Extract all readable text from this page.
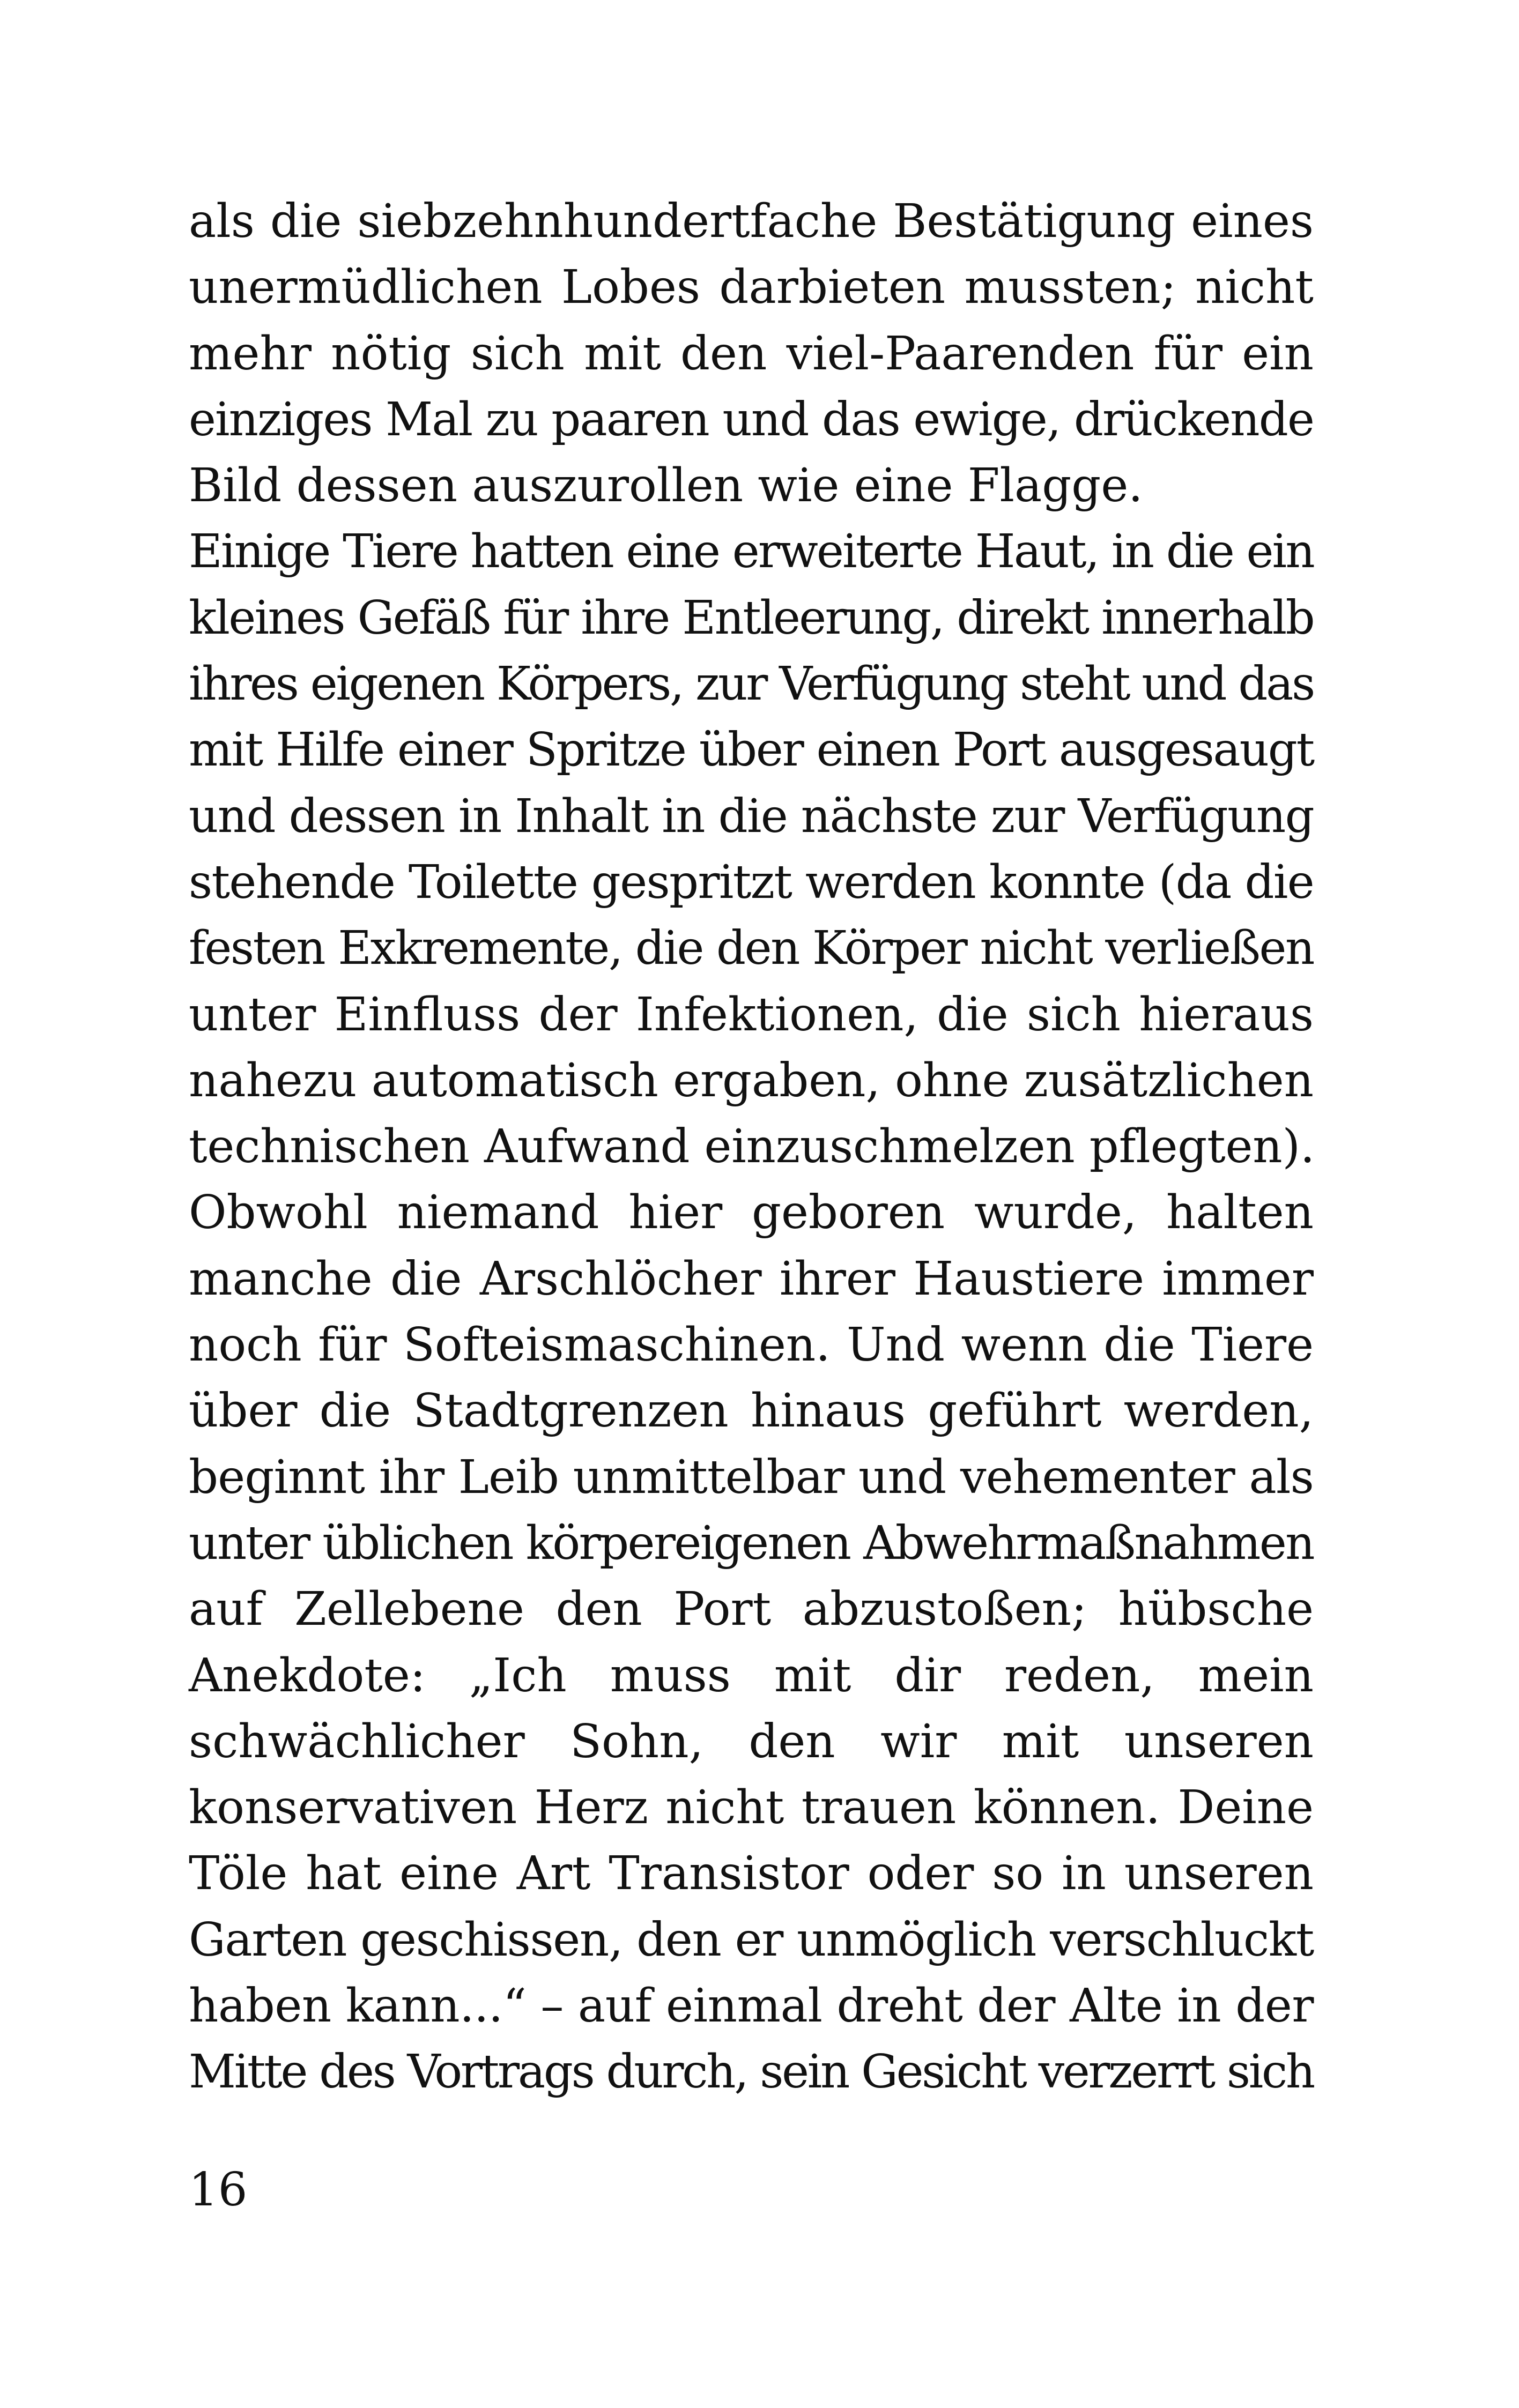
als die siebzehnhundertfache Bestätigung eines
unermüdlichen Lobes darbieten mussten; nicht
mehr nötig sich mit den viel-Paarenden für ein
einziges Mal zu paaren und das ewige, drückende
Bild dessen auszurollen wie eine Flagge.
Einige Tiere hatten eine erweiterte Haut, in die ein
kleines Gefäß für ihre Entleerung, direkt innerhalb
ihres eigenen Körpers, zur Verfügung steht und das
mit Hilfe einer Spritze über einen Port ausgesaugt
und dessen in Inhalt in die nächste zur Verfügung
stehende Toilette gespritzt werden konnte (da die
festen Exkremente, die den Körper nicht verließen
unter Einfluss der Infektionen, die sich hieraus
nahezu automatisch ergaben, ohne zusätzlichen
technischen Aufwand einzuschmelzen pflegten).
Obwohl niemand hier geboren wurde, halten
manche die Arschlöcher ihrer Haustiere immer
noch für Softeismaschinen. Und wenn die Tiere
über die Stadtgrenzen hinaus geführt werden,
beginnt ihr Leib unmittelbar und vehementer als
unter üblichen körpereigenen Abwehrmaßnahmen
auf Zellebene den Port abzustoßen; hübsche
Anekdote: „Ich muss mit dir reden, mein
schwächlicher Sohn, den wir mit unseren
konservativen Herz nicht trauen können. Deine
Töle hat eine Art Transistor oder so in unseren
Garten geschissen, den er unmöglich verschluckt
haben kann...“ – auf einmal dreht der Alte in der
Mitte des Vortrags durch, sein Gesicht verzerrt sich
16
